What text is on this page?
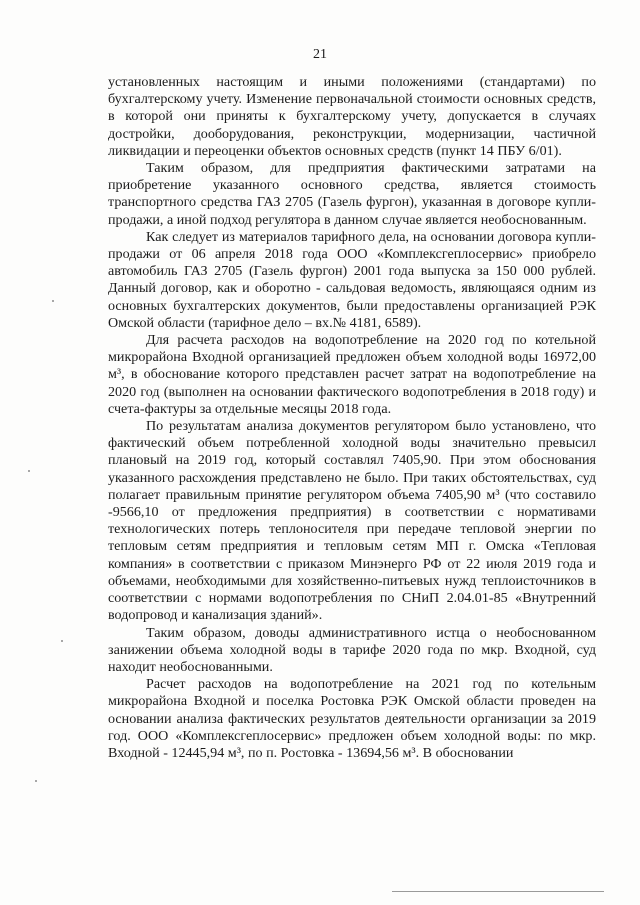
21

установленных настоящим и иными положениями (стандартами) по бухгалтерскому учету. Изменение первоначальной стоимости основных средств, в которой они приняты к бухгалтерскому учету, допускается в случаях достройки, дооборудования, реконструкции, модернизации, частичной ликвидации и переоценки объектов основных средств (пункт 14 ПБУ 6/01).

Таким образом, для предприятия фактическими затратами на приобретение указанного основного средства, является стоимость транспортного средства ГАЗ 2705 (Газель фургон), указанная в договоре купли-продажи, а иной подход регулятора в данном случае является необоснованным.

Как следует из материалов тарифного дела, на основании договора купли-продажи от 06 апреля 2018 года ООО «Комплексгеплосервис» приобрело автомобиль ГАЗ 2705 (Газель фургон) 2001 года выпуска за 150 000 рублей. Данный договор, как и оборотно - сальдовая ведомость, являющаяся одним из основных бухгалтерских документов, были предоставлены организацией РЭК Омской области (тарифное дело – вх.№ 4181, 6589).

Для расчета расходов на водопотребление на 2020 год по котельной микрорайона Входной организацией предложен объем холодной воды 16972,00 м³, в обоснование которого представлен расчет затрат на водопотребление на 2020 год (выполнен на основании фактического водопотребления в 2018 году) и счета-фактуры за отдельные месяцы 2018 года.

По результатам анализа документов регулятором было установлено, что фактический объем потребленной холодной воды значительно превысил плановый на 2019 год, который составлял 7405,90. При этом обоснования указанного расхождения представлено не было. При таких обстоятельствах, суд полагает правильным принятие регулятором объема 7405,90 м³ (что составило -9566,10 от предложения предприятия) в соответствии с нормативами технологических потерь теплоносителя при передаче тепловой энергии по тепловым сетям предприятия и тепловым сетям МП г. Омска «Тепловая компания» в соответствии с приказом Минэнерго РФ от 22 июля 2019 года и объемами, необходимыми для хозяйственно-питьевых нужд теплоисточников в соответствии с нормами водопотребления по СНиП 2.04.01-85 «Внутренний водопровод и канализация зданий».

Таким образом, доводы административного истца о необоснованном занижении объема холодной воды в тарифе 2020 года по мкр. Входной, суд находит необоснованными.

Расчет расходов на водопотребление на 2021 год по котельным микрорайона Входной и поселка Ростовка РЭК Омской области проведен на основании анализа фактических результатов деятельности организации за 2019 год. ООО «Комплексгеплосервис» предложен объем холодной воды: по мкр. Входной - 12445,94 м³, по п. Ростовка - 13694,56 м³. В обосновании
